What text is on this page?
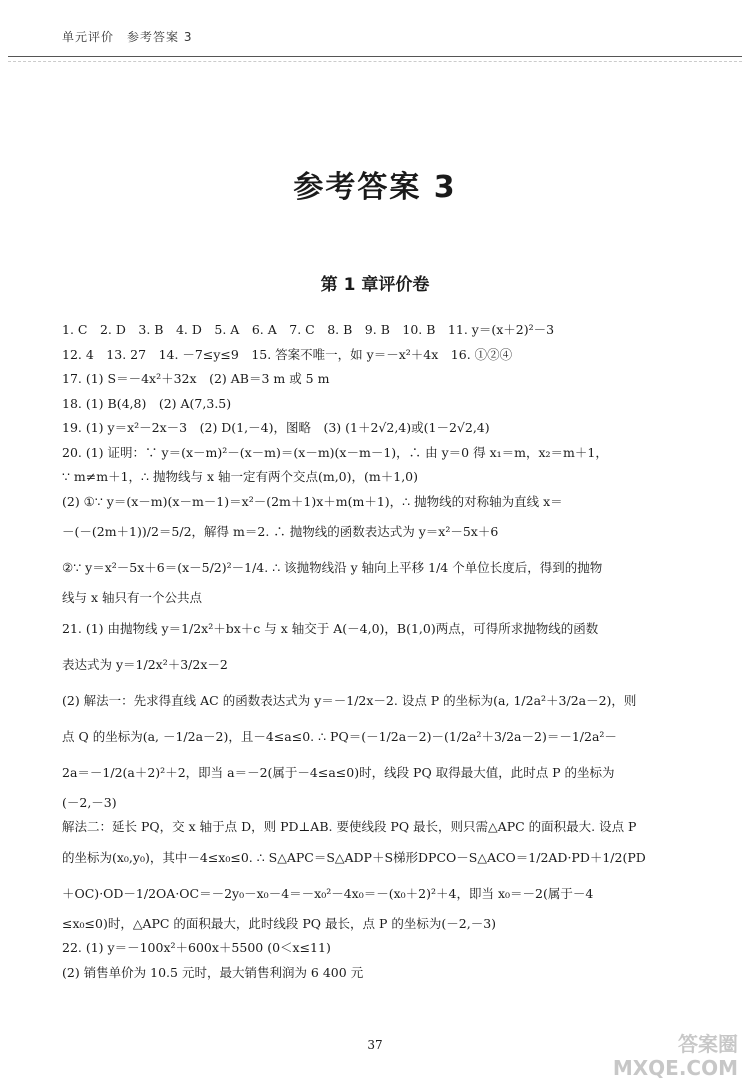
单元评价　参考答案 3
参考答案 3
第 1 章评价卷
1. C　2. D　3. B　4. D　5. A　6. A　7. C　8. B　9. B　10. B　11. y＝(x＋2)²－3
12. 4　13. 27　14. －7≤y≤9　15. 答案不唯一，如 y＝－x²＋4x　16. ①②④
17. (1) S＝－4x²＋32x　(2) AB＝3 m 或 5 m
18. (1) B(4,8)　(2) A(7,3.5)
19. (1) y＝x²－2x－3　(2) D(1,－4)，图略　(3) (1＋2√2,4)或(1－2√2,4)
20. (1) 证明：∵ y＝(x－m)²－(x－m)＝(x－m)(x－m－1)，∴ 由 y＝0 得 x₁＝m，x₂＝m＋1，
∵ m≠m＋1，∴ 抛物线与 x 轴一定有两个交点(m,0)，(m＋1,0)
(2) ①∵ y＝(x－m)(x－m－1)＝x²－(2m＋1)x＋m(m＋1)，∴ 抛物线的对称轴为直线 x＝
－(－(2m＋1))/2＝5/2，解得 m＝2. ∴ 抛物线的函数表达式为 y＝x²－5x＋6
②∵ y＝x²－5x＋6＝(x－5/2)²－1/4. ∴ 该抛物线沿 y 轴向上平移 1/4 个单位长度后，得到的抛物
线与 x 轴只有一个公共点
21. (1) 由抛物线 y＝1/2x²＋bx＋c 与 x 轴交于 A(－4,0)，B(1,0)两点，可得所求抛物线的函数
表达式为 y＝1/2x²＋3/2x－2
(2) 解法一：先求得直线 AC 的函数表达式为 y＝－1/2x－2. 设点 P 的坐标为(a, 1/2a²＋3/2a－2)，则
点 Q 的坐标为(a, －1/2a－2)，且－4≤a≤0. ∴ PQ＝(－1/2a－2)－(1/2a²＋3/2a－2)＝－1/2a²－
2a＝－1/2(a＋2)²＋2，即当 a＝－2(属于－4≤a≤0)时，线段 PQ 取得最大值，此时点 P 的坐标为
(－2,－3)
解法二：延长 PQ，交 x 轴于点 D，则 PD⊥AB. 要使线段 PQ 最长，则只需△APC 的面积最大. 设点 P
的坐标为(x₀,y₀)，其中－4≤x₀≤0. ∴ S△APC＝S△ADP＋S梯形DPCO－S△ACO＝1/2AD·PD＋1/2(PD
＋OC)·OD－1/2OA·OC＝－2y₀－x₀－4＝－x₀²－4x₀＝－(x₀＋2)²＋4，即当 x₀＝－2(属于－4
≤x₀≤0)时，△APC 的面积最大，此时线段 PQ 最长，点 P 的坐标为(－2,－3)
22. (1) y＝－100x²＋600x＋5500 (0＜x≤11)
(2) 销售单价为 10.5 元时，最大销售利润为 6 400 元
37	答案圈
MXQE.COM
